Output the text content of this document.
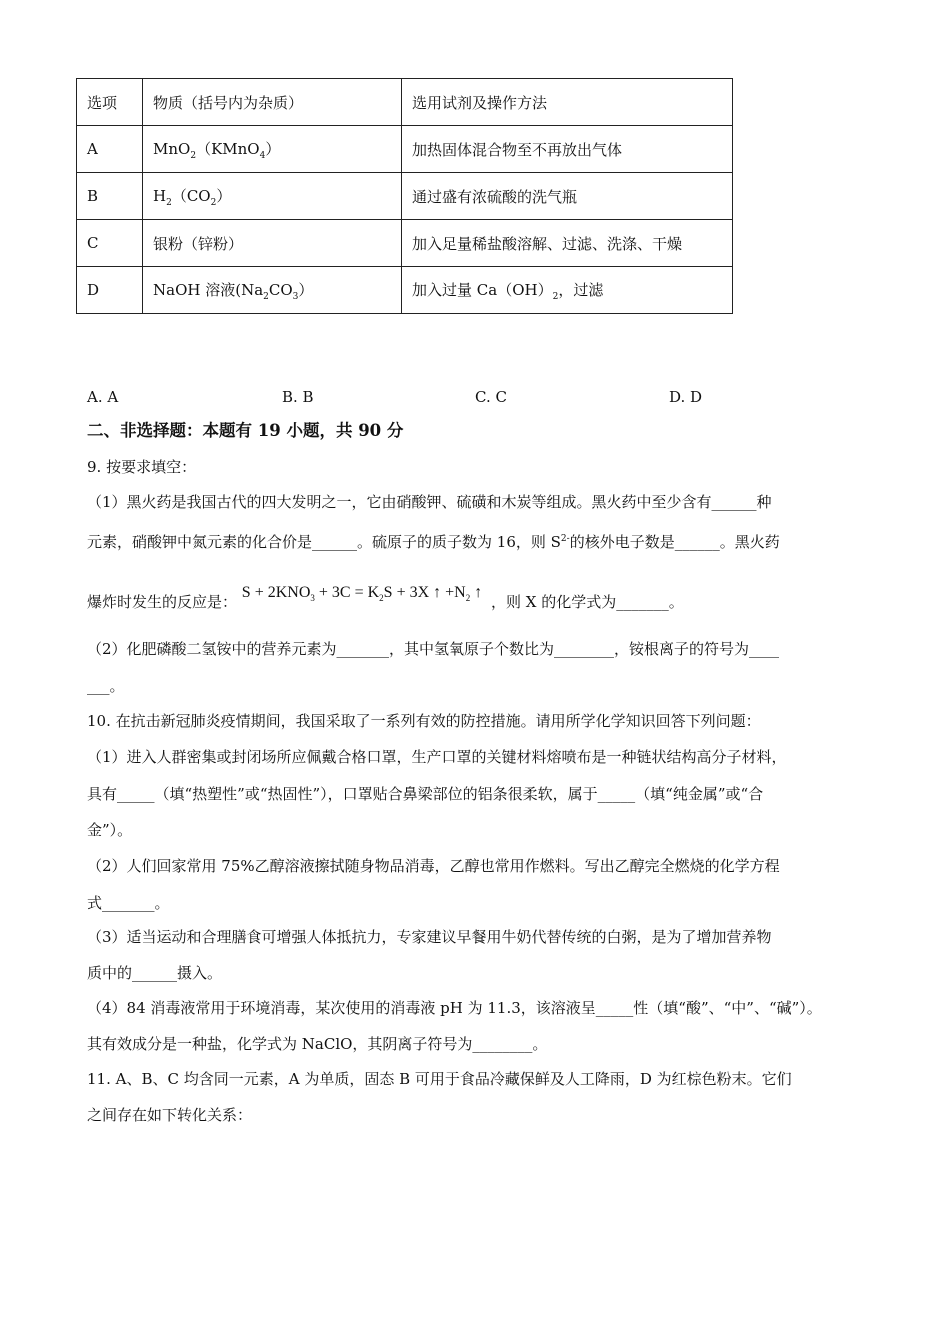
选项	物质（括号内为杂质）	选用试剂及操作方法
A	MnO$_2$（KMnO$_4$）	加热固体混合物至不再放出气体
B	$H_2(CO_2)$	通过盛有浓硫酸的洗气瓶
C	银粉（锌粉）	加入足量稀盐酸溶解、过滤、洗涤、干燥
D	NaOH 溶液$(Na_2CO_3)$	加入过量 $Ca(OH)_2$，过滤
A. A	B. B	C. C	D. D
二、非选择题：本题有 19 小题，共 90 分
9. 按要求填空：
（1）黑火药是我国古代的四大发明之一，它由硝酸钾、硫磺和木炭等组成。黑火药中至少含有______种
元素，硝酸钾中氮元素的化合价是______。硫原子的质子数为 16，则 $S^{2-}$的核外电子数是______。黑火药
爆炸时发生的反应是： $S + 2KNO_3 + 3C = K_2S + 3X$ ↑ $+N_2$ ↑ ，则 X 的化学式为_______。
（2）化肥磷酸二氢铵中的营养元素为_______，其中氢氧原子个数比为________，铵根离子的符号为____
___。
10. 在抗击新冠肺炎疫情期间，我国采取了一系列有效的防控措施。请用所学化学知识回答下列问题：
（1）进入人群密集或封闭场所应佩戴合格口罩，生产口罩的关键材料熔喷布是一种链状结构高分子材料，
具有_____（填“热塑性”或“热固性”），口罩贴合鼻梁部位的铝条很柔软，属于_____（填“纯金属”或“合
金”）。
（2）人们回家常用 75%乙醇溶液擦拭随身物品消毒，乙醇也常用作燃料。写出乙醇完全燃烧的化学方程
式_______。
（3）适当运动和合理膳食可增强人体抵抗力，专家建议早餐用牛奶代替传统的白粥，是为了增加营养物
质中的______摄入。
（4）84 消毒液常用于环境消毒，某次使用的消毒液 pH 为 11.3，该溶液呈_____性（填“酸”、“中”、“碱”）。
其有效成分是一种盐，化学式为 NaClO，其阴离子符号为________。
11. A、B、C 均含同一元素，A 为单质，固态 B 可用于食品冷藏保鲜及人工降雨，D 为红棕色粉末。它们
之间存在如下转化关系：
